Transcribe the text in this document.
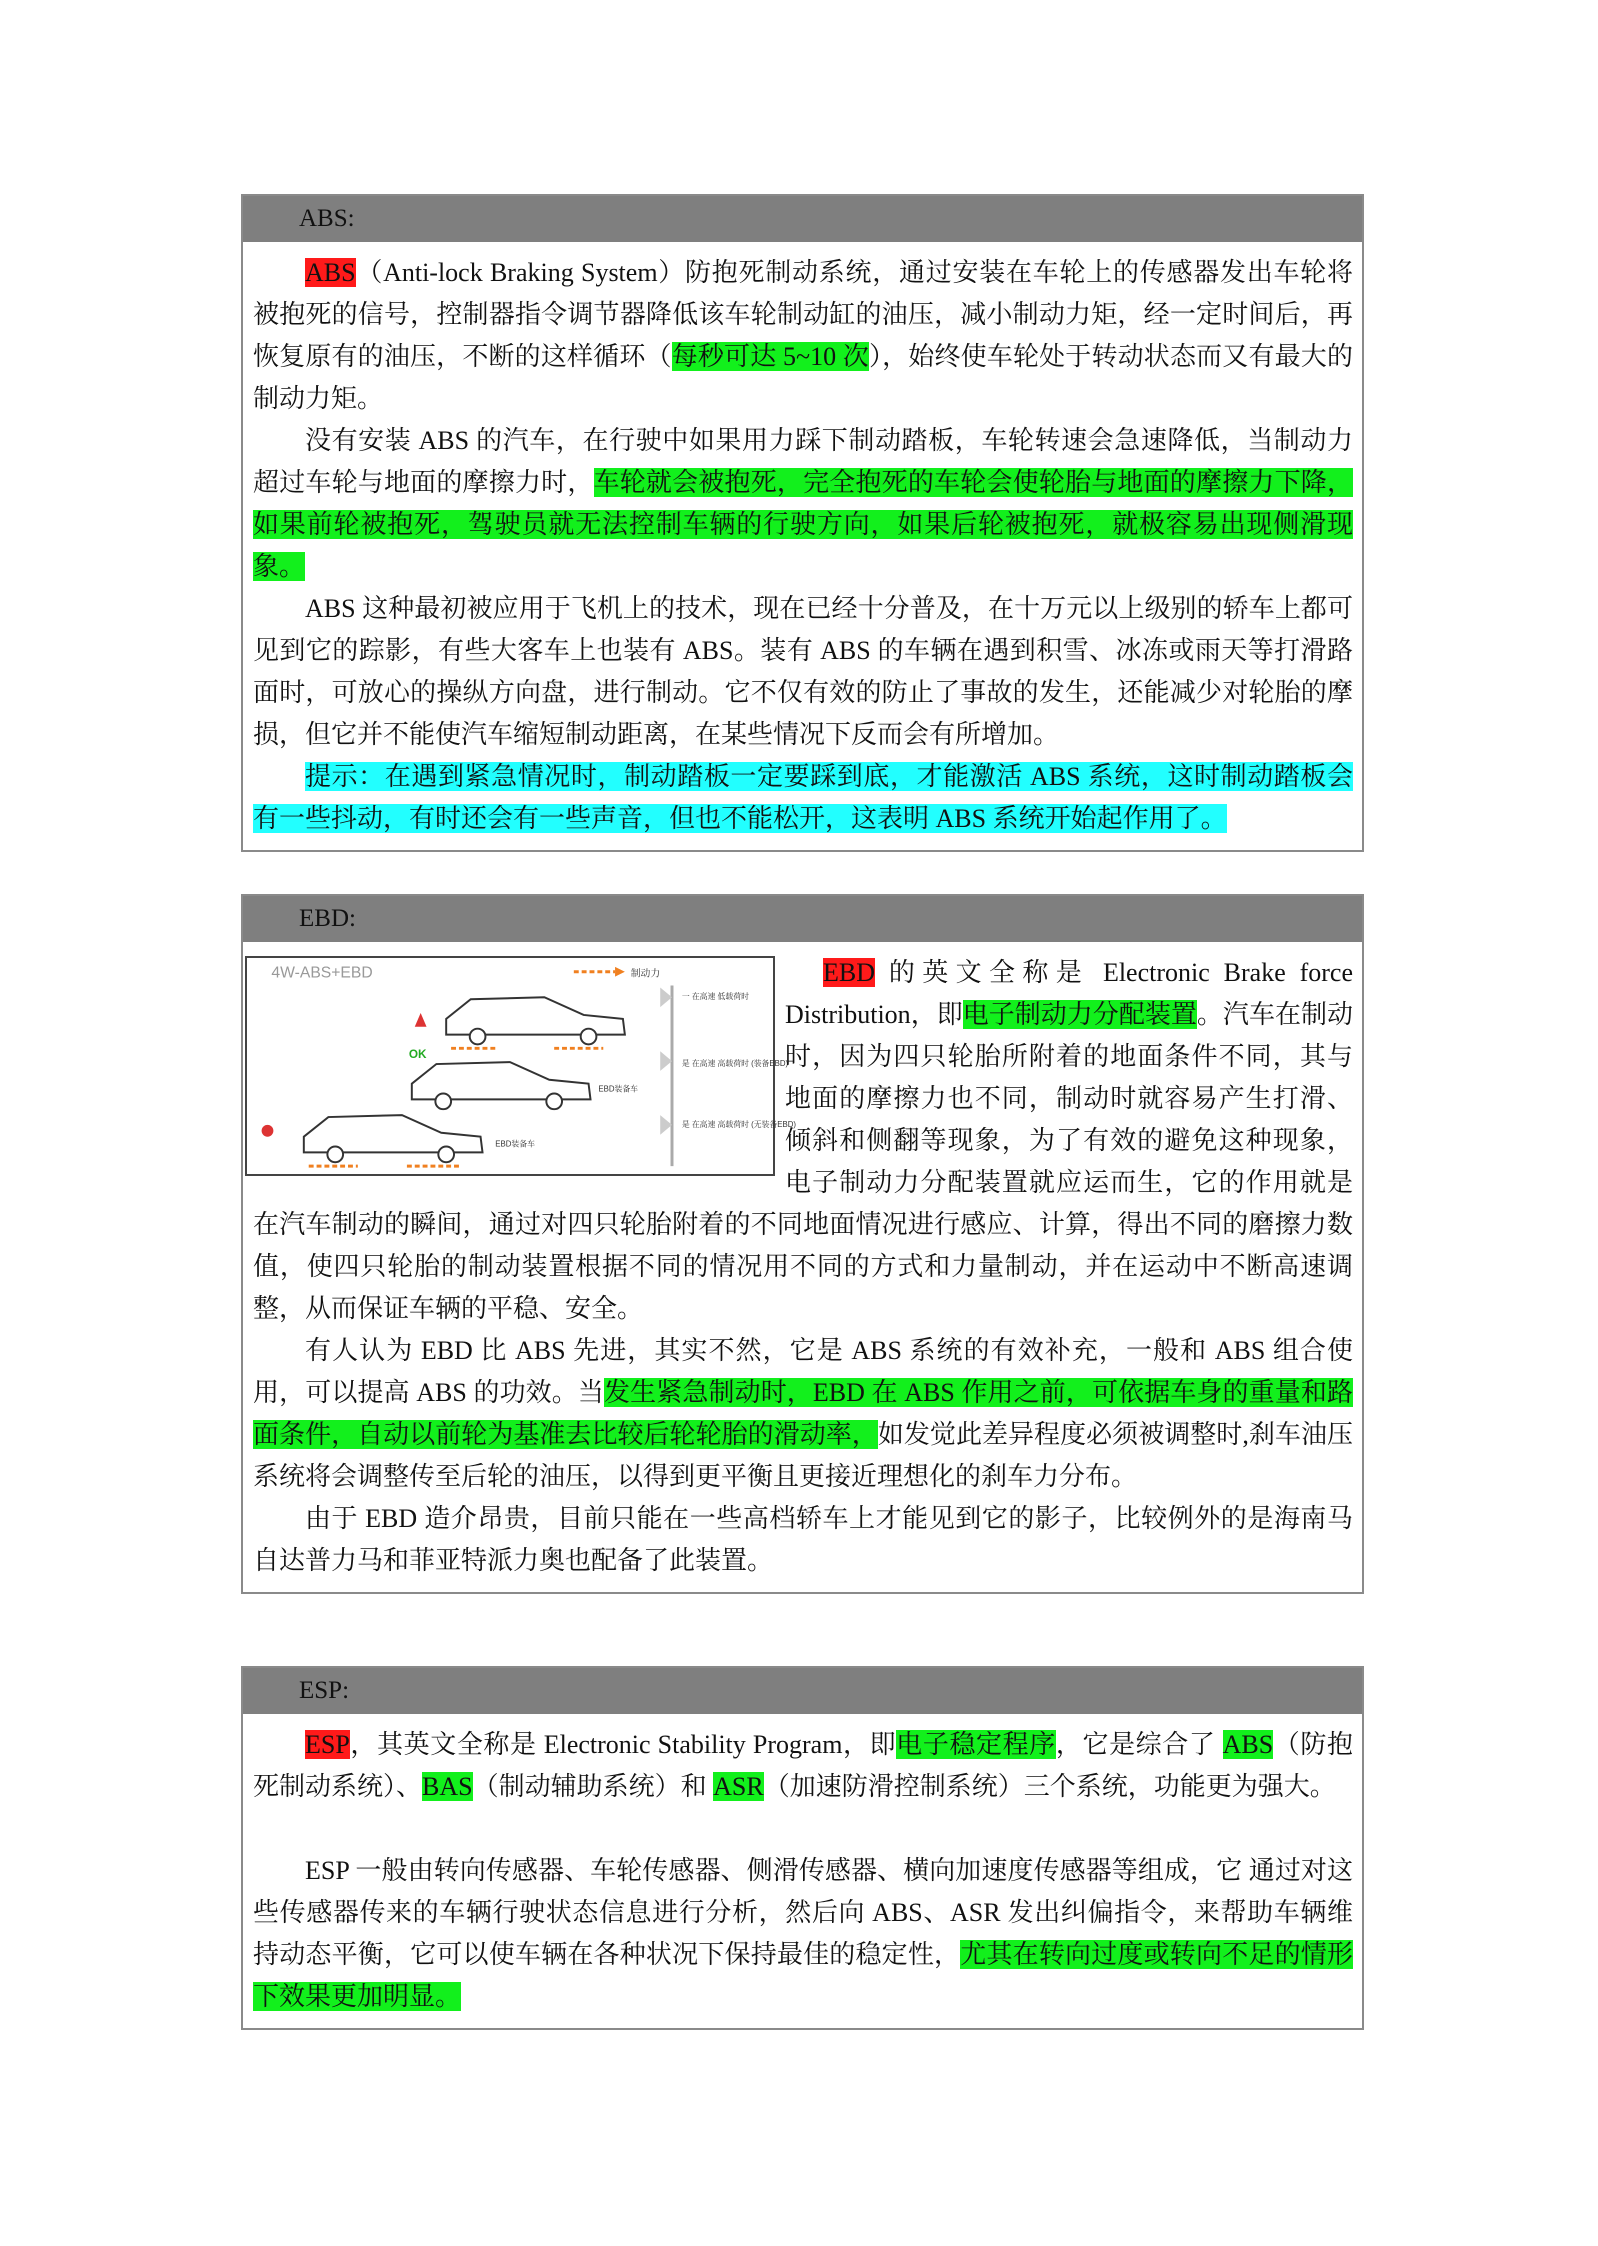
ABS:

ABS（Anti-lock Braking System）防抱死制动系统，通过安装在车轮上的传感器发出车轮将被抱死的信号，控制器指令调节器降低该车轮制动缸的油压，减小制动力矩，经一定时间后，再恢复原有的油压，不断的这样循环（每秒可达 5~10 次），始终使车轮处于转动状态而又有最大的制动力矩。

没有安装 ABS 的汽车，在行驶中如果用力踩下制动踏板，车轮转速会急速降低，当制动力超过车轮与地面的摩擦力时，车轮就会被抱死，完全抱死的车轮会使轮胎与地面的摩擦力下降，如果前轮被抱死，驾驶员就无法控制车辆的行驶方向，如果后轮被抱死，就极容易出现侧滑现象。

ABS 这种最初被应用于飞机上的技术，现在已经十分普及，在十万元以上级别的轿车上都可见到它的踪影，有些大客车上也装有 ABS。装有 ABS 的车辆在遇到积雪、冰冻或雨天等打滑路面时，可放心的操纵方向盘，进行制动。它不仅有效的防止了事故的发生，还能减少对轮胎的摩损，但它并不能使汽车缩短制动距离，在某些情况下反而会有所增加。

提示：在遇到紧急情况时，制动踏板一定要踩到底，才能激活 ABS 系统，这时制动踏板会有一些抖动，有时还会有一些声音，但也不能松开，这表明 ABS 系统开始起作用了。

EBD:
4W-ABS+EBD	制动力
一 在高速 低载荷时
是 在高速 高载荷时 (装备EBD)
是 在高速 高载荷时 (无装备EBD)
OK
EBD装备车
EBD装备车

EBD 的英文全称是 Electronic Brake force Distribution，即电子制动力分配装置。汽车在制动时，因为四只轮胎所附着的地面条件不同，其与地面的摩擦力也不同，制动时就容易产生打滑、倾斜和侧翻等现象，为了有效的避免这种现象，电子制动力分配装置就应运而生，它的作用就是在汽车制动的瞬间，通过对四只轮胎附着的不同地面情况进行感应、计算，得出不同的磨擦力数值，使四只轮胎的制动装置根据不同的情况用不同的方式和力量制动，并在运动中不断高速调整，从而保证车辆的平稳、安全。

有人认为 EBD 比 ABS 先进，其实不然，它是 ABS 系统的有效补充，一般和 ABS 组合使用，可以提高 ABS 的功效。当发生紧急制动时，EBD 在 ABS 作用之前，可依据车身的重量和路面条件，自动以前轮为基准去比较后轮轮胎的滑动率，如发觉此差异程度必须被调整时,刹车油压系统将会调整传至后轮的油压，以得到更平衡且更接近理想化的刹车力分布。

由于 EBD 造介昂贵，目前只能在一些高档轿车上才能见到它的影子，比较例外的是海南马自达普力马和菲亚特派力奥也配备了此装置。

ESP:

ESP，其英文全称是 Electronic Stability Program，即电子稳定程序，它是综合了 ABS（防抱死制动系统）、BAS（制动辅助系统）和 ASR（加速防滑控制系统）三个系统，功能更为强大。

ESP 一般由转向传感器、车轮传感器、侧滑传感器、横向加速度传感器等组成，它 通过对这些传感器传来的车辆行驶状态信息进行分析，然后向 ABS、ASR 发出纠偏指令，来帮助车辆维持动态平衡，它可以使车辆在各种状况下保持最佳的稳定性，尤其在转向过度或转向不足的情形下效果更加明显。
